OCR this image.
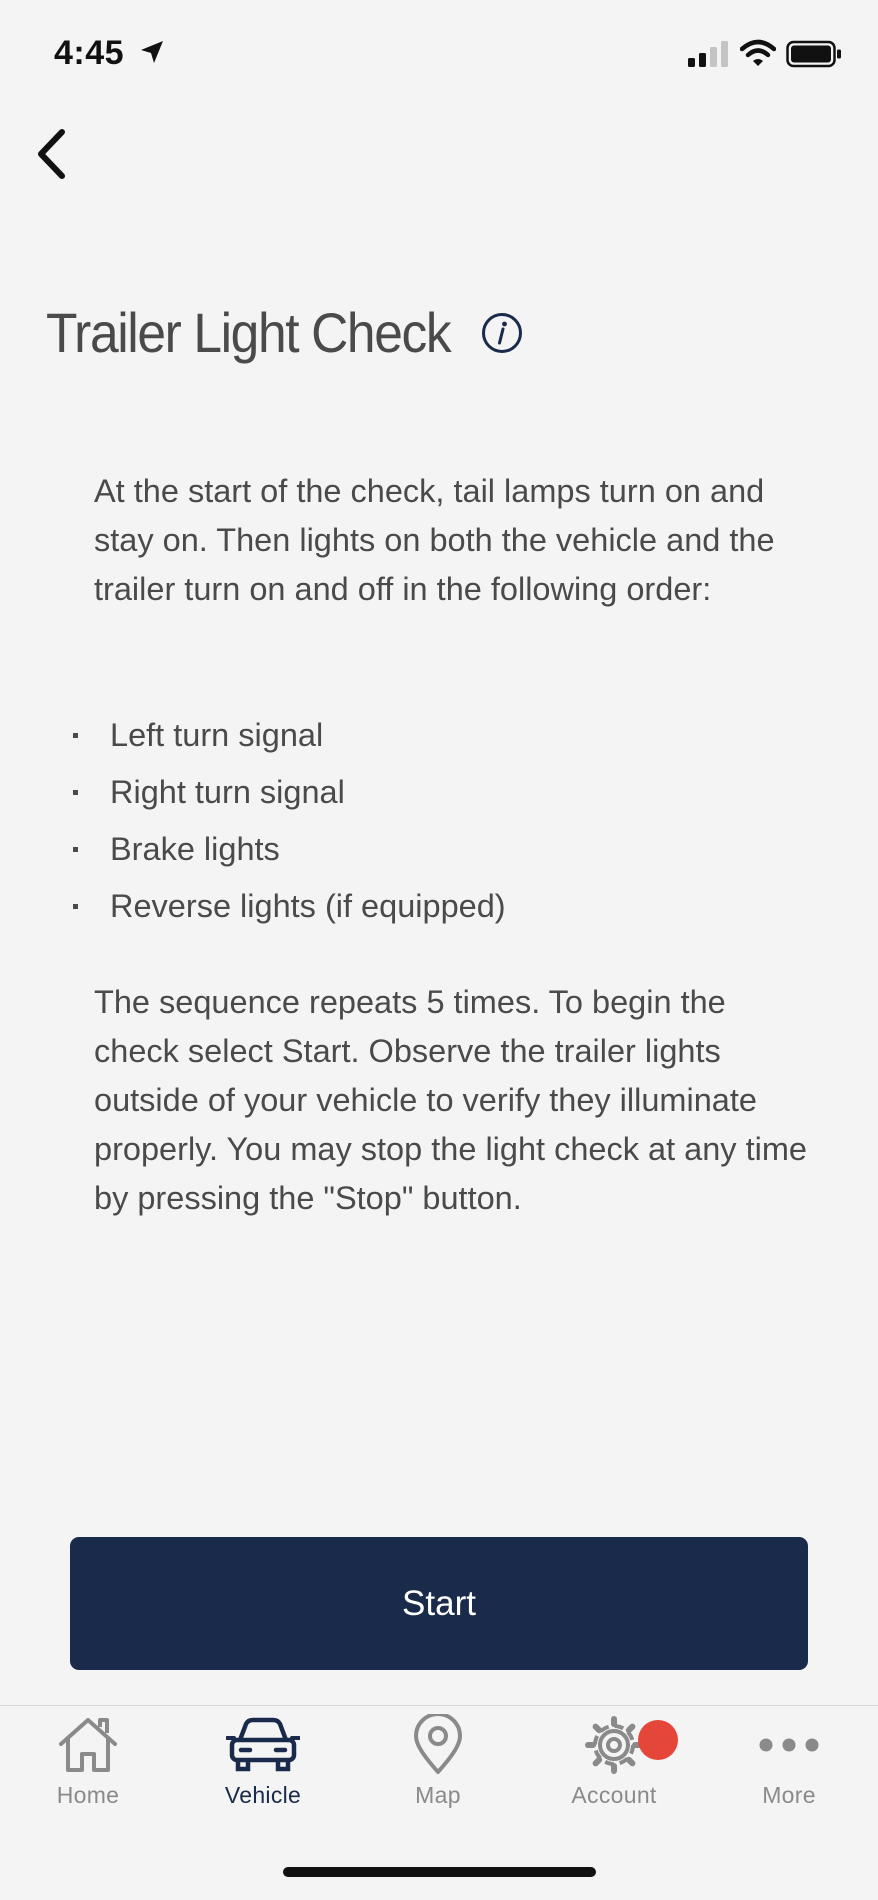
4:45
Trailer Light Check

At the start of the check, tail lamps turn on and stay on. Then lights on both the vehicle and the trailer turn on and off in the following order:

Left turn signal
Right turn signal
Brake lights
Reverse lights (if equipped)

The sequence repeats 5 times. To begin the check select Start. Observe the trailer lights outside of your vehicle to verify they illuminate properly. You may stop the light check at any time by pressing the "Stop" button.

Start
Home	Vehicle	Map	Account	More
